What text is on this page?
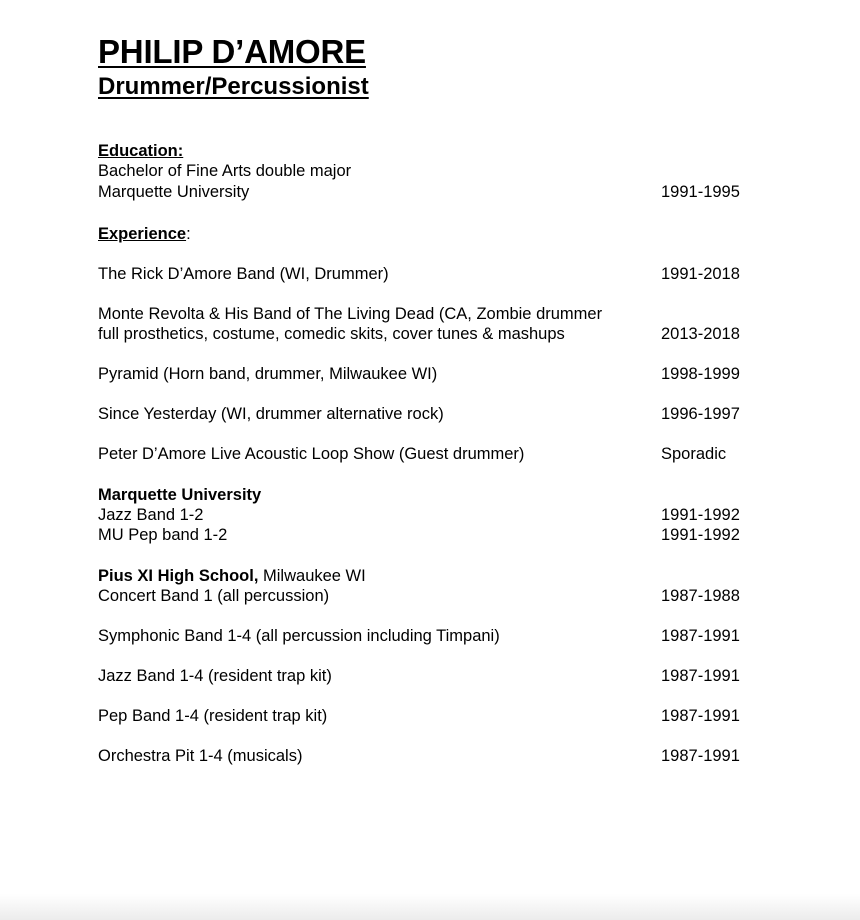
PHILIP D’AMORE
Drummer/Percussionist
Education:
Bachelor of Fine Arts double major
Marquette University	1991-1995
Experience:
The Rick D’Amore Band (WI, Drummer)	1991-2018
Monte Revolta & His Band of The Living Dead (CA, Zombie drummer
full prosthetics, costume, comedic skits, cover tunes & mashups	2013-2018
Pyramid (Horn band, drummer, Milwaukee WI)	1998-1999
Since Yesterday (WI, drummer alternative rock)	1996-1997
Peter D’Amore Live Acoustic Loop Show (Guest drummer)	Sporadic
Marquette University
Jazz Band 1-2	1991-1992
MU Pep band 1-2	1991-1992
Pius XI High School, Milwaukee WI
Concert Band 1 (all percussion)	1987-1988
Symphonic Band 1-4 (all percussion including Timpani)	1987-1991
Jazz Band 1-4 (resident trap kit)	1987-1991
Pep Band 1-4 (resident trap kit)	1987-1991
Orchestra Pit 1-4 (musicals)	1987-1991
